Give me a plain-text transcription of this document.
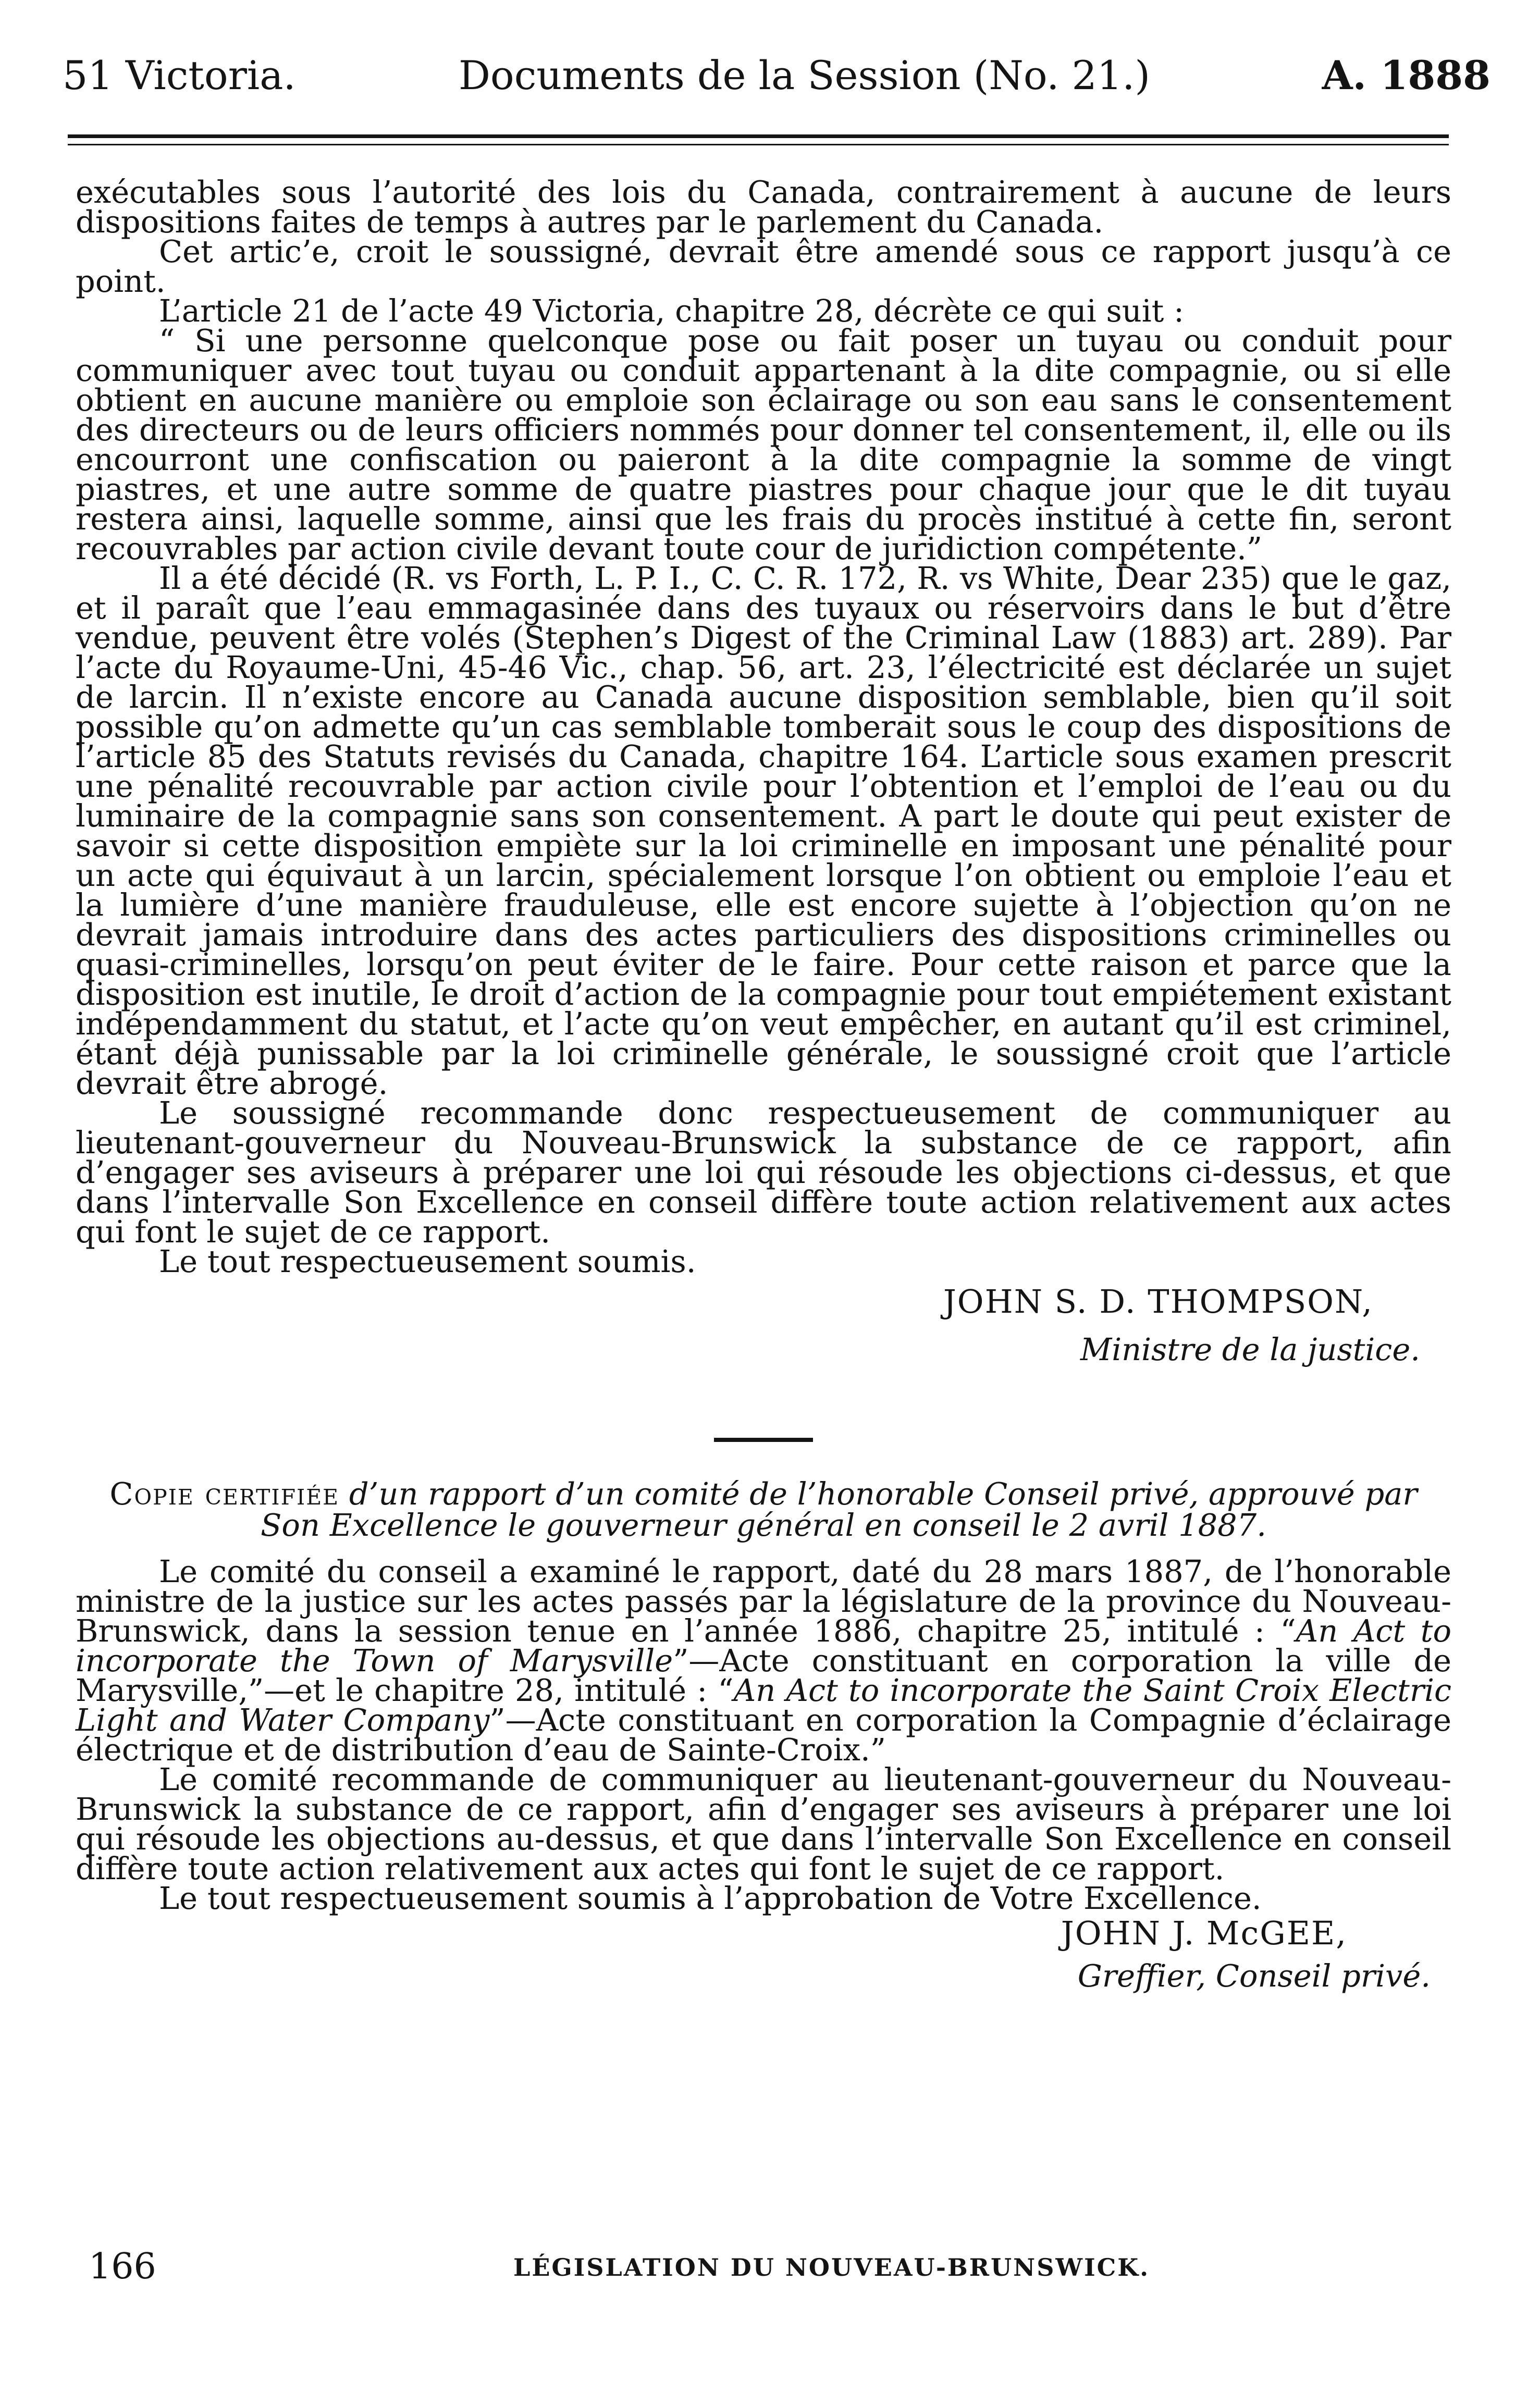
51 Victoria.	Documents de la Session (No. 21.)	A. 1888

exécutables sous l’autorité des lois du Canada, contrairement à aucune de leurs dispositions faites de temps à autres par le parlement du Canada.

Cet artic’e, croit le soussigné, devrait être amendé sous ce rapport jusqu’à ce point.

L’article 21 de l’acte 49 Victoria, chapitre 28, décrète ce qui suit :

“ Si une personne quelconque pose ou fait poser un tuyau ou conduit pour communiquer avec tout tuyau ou conduit appartenant à la dite compagnie, ou si elle obtient en aucune manière ou emploie son éclairage ou son eau sans le consentement des directeurs ou de leurs officiers nommés pour donner tel consentement, il, elle ou ils encourront une confiscation ou paieront à la dite compagnie la somme de vingt piastres, et une autre somme de quatre piastres pour chaque jour que le dit tuyau restera ainsi, laquelle somme, ainsi que les frais du procès institué à cette fin, seront recouvrables par action civile devant toute cour de juridiction compétente.”

Il a été décidé (R. vs Forth, L. P. I., C. C. R. 172, R. vs White, Dear 235) que le gaz, et il paraît que l’eau emmagasinée dans des tuyaux ou réservoirs dans le but d’être vendue, peuvent être volés (Stephen’s Digest of the Criminal Law (1883) art. 289). Par l’acte du Royaume-Uni, 45-46 Vic., chap. 56, art. 23, l’électricité est déclarée un sujet de larcin. Il n’existe encore au Canada aucune disposition semblable, bien qu’il soit possible qu’on admette qu’un cas semblable tomberait sous le coup des dispositions de l’article 85 des Statuts revisés du Canada, chapitre 164. L’article sous examen prescrit une pénalité recouvrable par action civile pour l’obtention et l’emploi de l’eau ou du luminaire de la compagnie sans son consentement. A part le doute qui peut exister de savoir si cette disposition empiète sur la loi criminelle en imposant une pénalité pour un acte qui équivaut à un larcin, spécialement lorsque l’on obtient ou emploie l’eau et la lumière d’une manière frauduleuse, elle est encore sujette à l’objection qu’on ne devrait jamais introduire dans des actes particuliers des dispositions criminelles ou quasi-criminelles, lorsqu’on peut éviter de le faire. Pour cette raison et parce que la disposition est inutile, le droit d’action de la compagnie pour tout empiétement existant indépendamment du statut, et l’acte qu’on veut empêcher, en autant qu’il est criminel, étant déjà punissable par la loi criminelle générale, le soussigné croit que l’article devrait être abrogé.

Le soussigné recommande donc respectueusement de communiquer au lieutenant-gouverneur du Nouveau-Brunswick la substance de ce rapport, afin d’engager ses aviseurs à préparer une loi qui résoude les objections ci-dessus, et que dans l’intervalle Son Excellence en conseil diffère toute action relativement aux actes qui font le sujet de ce rapport.

Le tout respectueusement soumis.

JOHN S. D. THOMPSON,
Ministre de la justice.
Copie certifiée d’un rapport d’un comité de l’honorable Conseil privé, approuvé par Son Excellence le gouverneur général en conseil le 2 avril 1887.

Le comité du conseil a examiné le rapport, daté du 28 mars 1887, de l’honorable ministre de la justice sur les actes passés par la législature de la province du Nouveau-Brunswick, dans la session tenue en l’année 1886, chapitre 25, intitulé : “An Act to incorporate the Town of Marysville”—Acte constituant en corporation la ville de Marysville,”—et le chapitre 28, intitulé : “An Act to incorporate the Saint Croix Electric Light and Water Company”—Acte constituant en corporation la Compagnie d’éclairage électrique et de distribution d’eau de Sainte-Croix.”

Le comité recommande de communiquer au lieutenant-gouverneur du Nouveau-Brunswick la substance de ce rapport, afin d’engager ses aviseurs à préparer une loi qui résoude les objections au-dessus, et que dans l’intervalle Son Excellence en conseil diffère toute action relativement aux actes qui font le sujet de ce rapport.

Le tout respectueusement soumis à l’approbation de Votre Excellence.

JOHN J. McGEE,
Greffier, Conseil privé.
166	LÉGISLATION DU NOUVEAU-BRUNSWICK.
